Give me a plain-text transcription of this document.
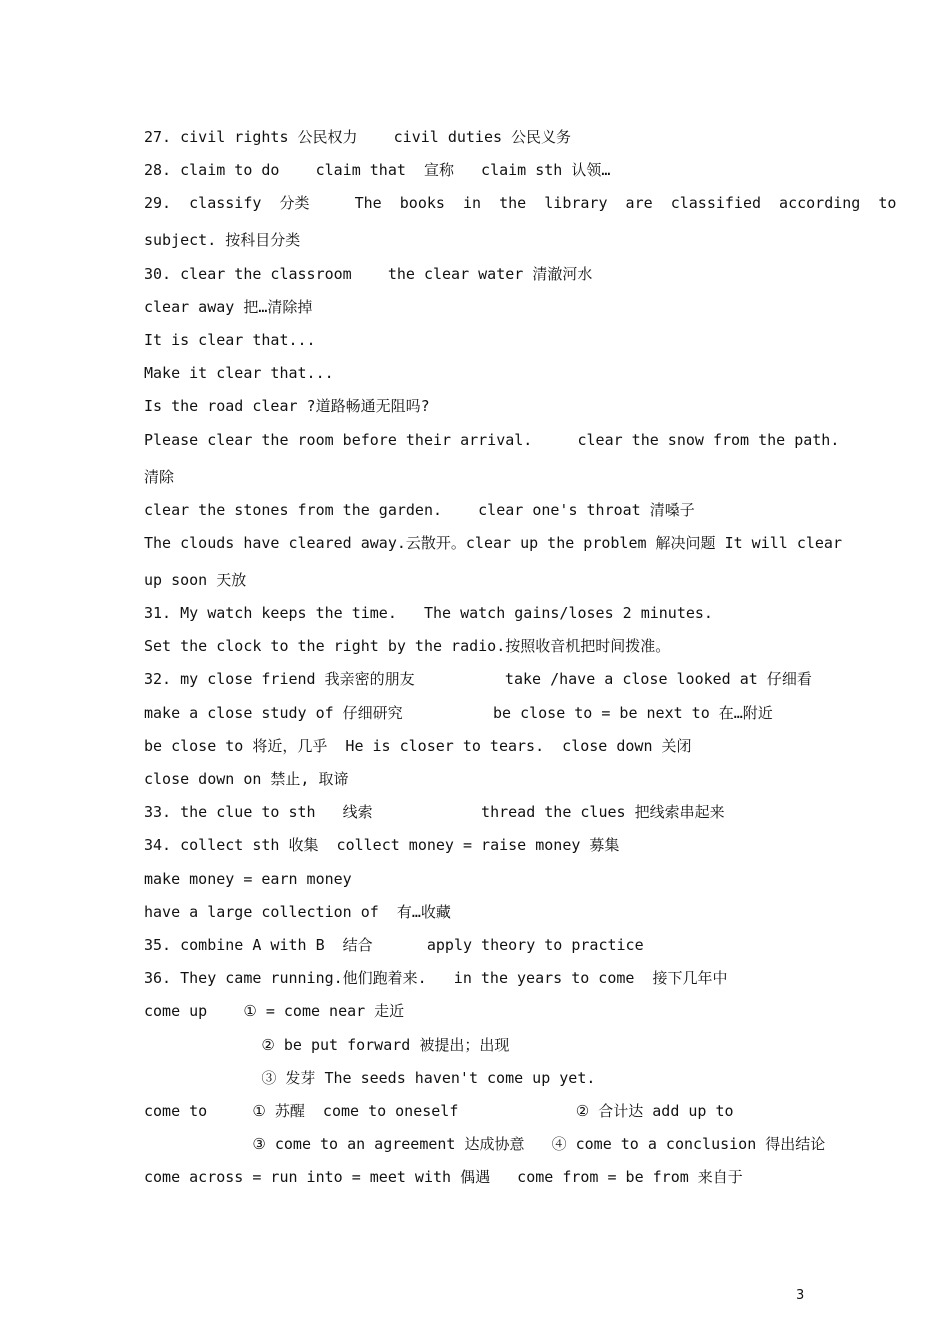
27. civil rights 公民权力    civil duties 公民义务
28. claim to do    claim that  宣称   claim sth 认领…
29.  classify  分类     The  books  in  the  library  are  classified  according  to
subject. 按科目分类
30. clear the classroom    the clear water 清澈河水
clear away 把…清除掉
It is clear that...
Make it clear that...
Is the road clear ?道路畅通无阻吗?
Please clear the room before their arrival.     clear the snow from the path.
清除
clear the stones from the garden.    clear one's throat 清嗓子
The clouds have cleared away.云散开。clear up the problem 解决问题 It will clear
up soon 天放
31. My watch keeps the time.   The watch gains/loses 2 minutes.
Set the clock to the right by the radio.按照收音机把时间拨准。
32. my close friend 我亲密的朋友          take /have a close looked at 仔细看
make a close study of 仔细研究          be close to = be next to 在…附近
be close to 将近，几乎  He is closer to tears.  close down 关闭
close down on 禁止, 取谛
33. the clue to sth   线索            thread the clues 把线索串起来
34. collect sth 收集  collect money = raise money 募集
make money = earn money
have a large collection of  有…收藏
35. combine A with B  结合      apply theory to practice
36. They came running.他们跑着来.   in the years to come  接下几年中
come up    ① = come near 走近
② be put forward 被提出；出现
③ 发芽 The seeds haven't come up yet.
come to     ① 苏醒  come to oneself             ② 合计达 add up to
③ come to an agreement 达成协意   ④ come to a conclusion 得出结论
come across = run into = meet with 偶遇   come from = be from 来自于
3
